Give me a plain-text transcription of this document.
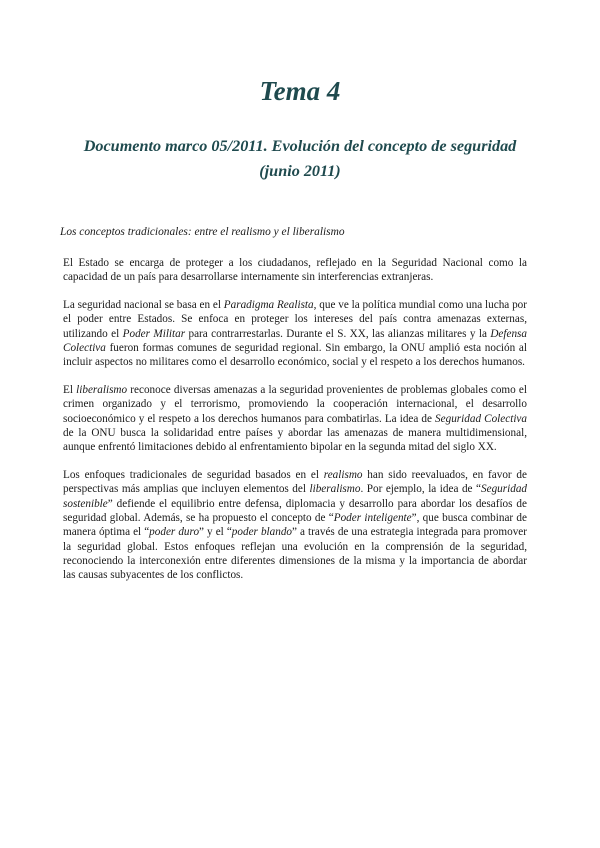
Tema 4
Documento marco 05/2011. Evolución del concepto de seguridad (junio 2011)

Los conceptos tradicionales: entre el realismo y el liberalismo

El Estado se encarga de proteger a los ciudadanos, reflejado en la Seguridad Nacional como la capacidad de un país para desarrollarse internamente sin interferencias extranjeras.

La seguridad nacional se basa en el Paradigma Realista, que ve la política mundial como una lucha por el poder entre Estados. Se enfoca en proteger los intereses del país contra amenazas externas, utilizando el Poder Militar para contrarrestarlas. Durante el S. XX, las alianzas militares y la Defensa Colectiva fueron formas comunes de seguridad regional. Sin embargo, la ONU amplió esta noción al incluir aspectos no militares como el desarrollo económico, social y el respeto a los derechos humanos.

El liberalismo reconoce diversas amenazas a la seguridad provenientes de problemas globales como el crimen organizado y el terrorismo, promoviendo la cooperación internacional, el desarrollo socioeconómico y el respeto a los derechos humanos para combatirlas. La idea de Seguridad Colectiva de la ONU busca la solidaridad entre países y abordar las amenazas de manera multidimensional, aunque enfrentó limitaciones debido al enfrentamiento bipolar en la segunda mitad del siglo XX.

Los enfoques tradicionales de seguridad basados en el realismo han sido reevaluados, en favor de perspectivas más amplias que incluyen elementos del liberalismo. Por ejemplo, la idea de “Seguridad sostenible” defiende el equilibrio entre defensa, diplomacia y desarrollo para abordar los desafíos de seguridad global. Además, se ha propuesto el concepto de “Poder inteligente”, que busca combinar de manera óptima el “poder duro” y el “poder blando” a través de una estrategia integrada para promover la seguridad global. Estos enfoques reflejan una evolución en la comprensión de la seguridad, reconociendo la interconexión entre diferentes dimensiones de la misma y la importancia de abordar las causas subyacentes de los conflictos.
